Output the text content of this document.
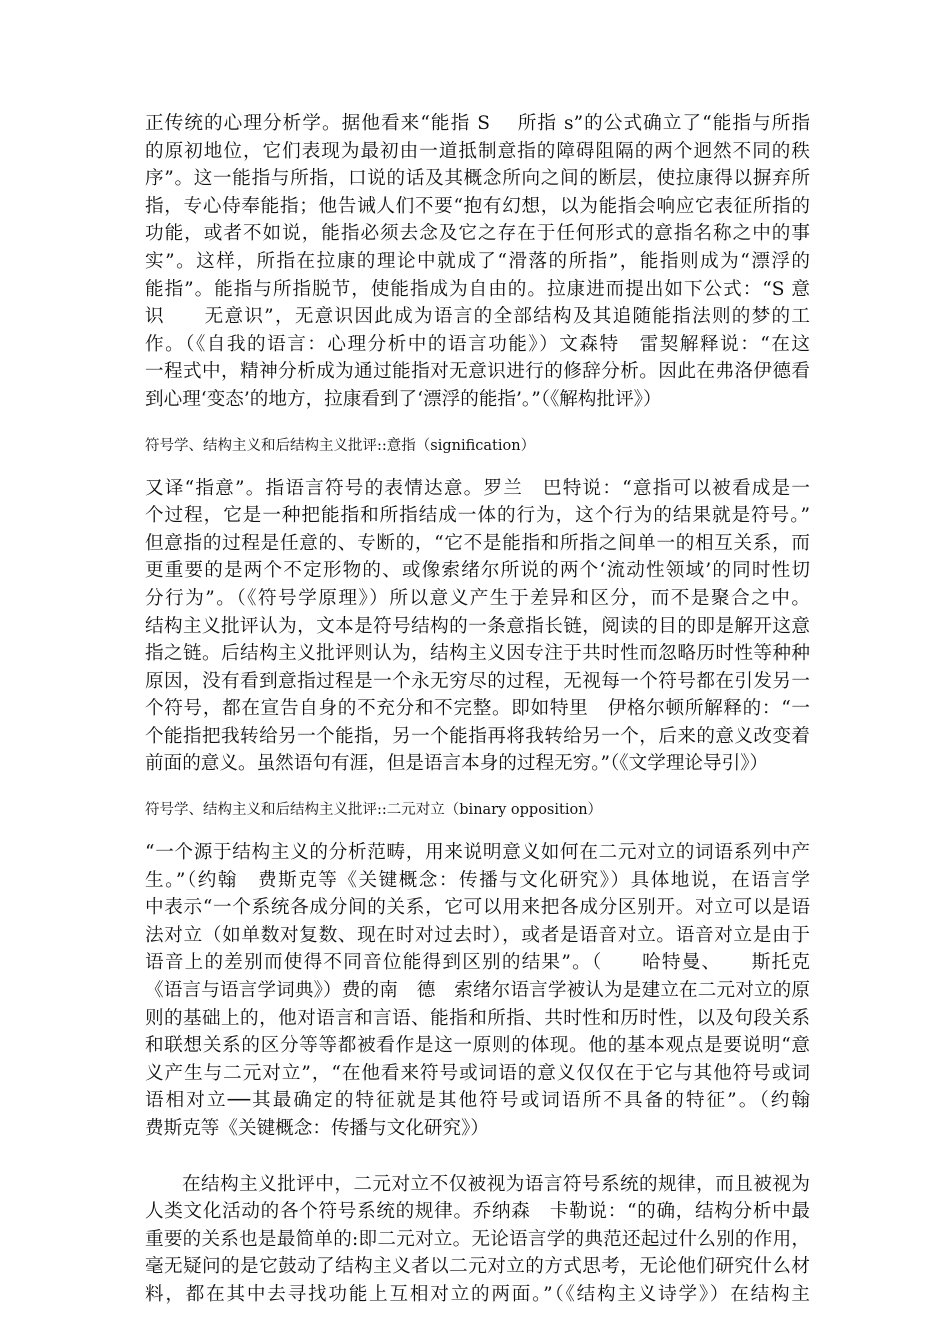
正传统的心理分析学。据他看来“能指 S　 所指 s”的公式确立了“能指与所指
的原初地位，它们表现为最初由一道抵制意指的障碍阻隔的两个迥然不同的秩
序”。这一能指与所指，口说的话及其概念所向之间的断层，使拉康得以摒弃所
指，专心侍奉能指；他告诫人们不要“抱有幻想，以为能指会响应它表征所指的
功能，或者不如说，能指必须去念及它之存在于任何形式的意指名称之中的事
实”。这样，所指在拉康的理论中就成了“滑落的所指”，能指则成为“漂浮的
能指”。能指与所指脱节，使能指成为自由的。拉康进而提出如下公式：“S 意
识　　无意识”，无意识因此成为语言的全部结构及其追随能指法则的梦的工
作。（《自我的语言：心理分析中的语言功能》）文森特　雷契解释说：“在这
一程式中，精神分析成为通过能指对无意识进行的修辞分析。因此在弗洛伊德看
到心理‘变态’的地方，拉康看到了‘漂浮的能指’。”（《解构批评》）
符号学、结构主义和后结构主义批评::意指（signification）
又译“指意”。指语言符号的表情达意。罗兰　巴特说：“意指可以被看成是一
个过程，它是一种把能指和所指结成一体的行为，这个行为的结果就是符号。”
但意指的过程是任意的、专断的，“它不是能指和所指之间单一的相互关系，而
更重要的是两个不定形物的、或像索绪尔所说的两个‘流动性领域’的同时性切
分行为”。（《符号学原理》）所以意义产生于差异和区分，而不是聚合之中。
结构主义批评认为，文本是符号结构的一条意指长链，阅读的目的即是解开这意
指之链。后结构主义批评则认为，结构主义因专注于共时性而忽略历时性等种种
原因，没有看到意指过程是一个永无穷尽的过程，无视每一个符号都在引发另一
个符号，都在宣告自身的不充分和不完整。即如特里　伊格尔顿所解释的：“一
个能指把我转给另一个能指，另一个能指再将我转给另一个，后来的意义改变着
前面的意义。虽然语句有涯，但是语言本身的过程无穷。”（《文学理论导引》）
符号学、结构主义和后结构主义批评::二元对立（binary opposition）
“一个源于结构主义的分析范畴，用来说明意义如何在二元对立的词语系列中产
生。”（约翰　费斯克等《关键概念：传播与文化研究》）具体地说，在语言学
中表示“一个系统各成分间的关系，它可以用来把各成分区别开。对立可以是语
法对立（如单数对复数、现在时对过去时），或者是语音对立。语音对立是由于
语音上的差别而使得不同音位能得到区别的结果”。（　　哈特曼、　　斯托克
《语言与语言学词典》）费的南　德　索绪尔语言学被认为是建立在二元对立的原
则的基础上的，他对语言和言语、能指和所指、共时性和历时性，以及句段关系
和联想关系的区分等等都被看作是这一原则的体现。他的基本观点是要说明“意
义产生与二元对立”，“在他看来符号或词语的意义仅仅在于它与其他符号或词
语相对立──其最确定的特征就是其他符号或词语所不具备的特征”。（约翰
费斯克等《关键概念：传播与文化研究》）
在结构主义批评中，二元对立不仅被视为语言符号系统的规律，而且被视为
人类文化活动的各个符号系统的规律。乔纳森　卡勒说：“的确，结构分析中最
重要的关系也是最简单的:即二元对立。无论语言学的典范还起过什么别的作用，
毫无疑问的是它鼓动了结构主义者以二元对立的方式思考，无论他们研究什么材
料，都在其中去寻找功能上互相对立的两面。”（《结构主义诗学》）在结构主
